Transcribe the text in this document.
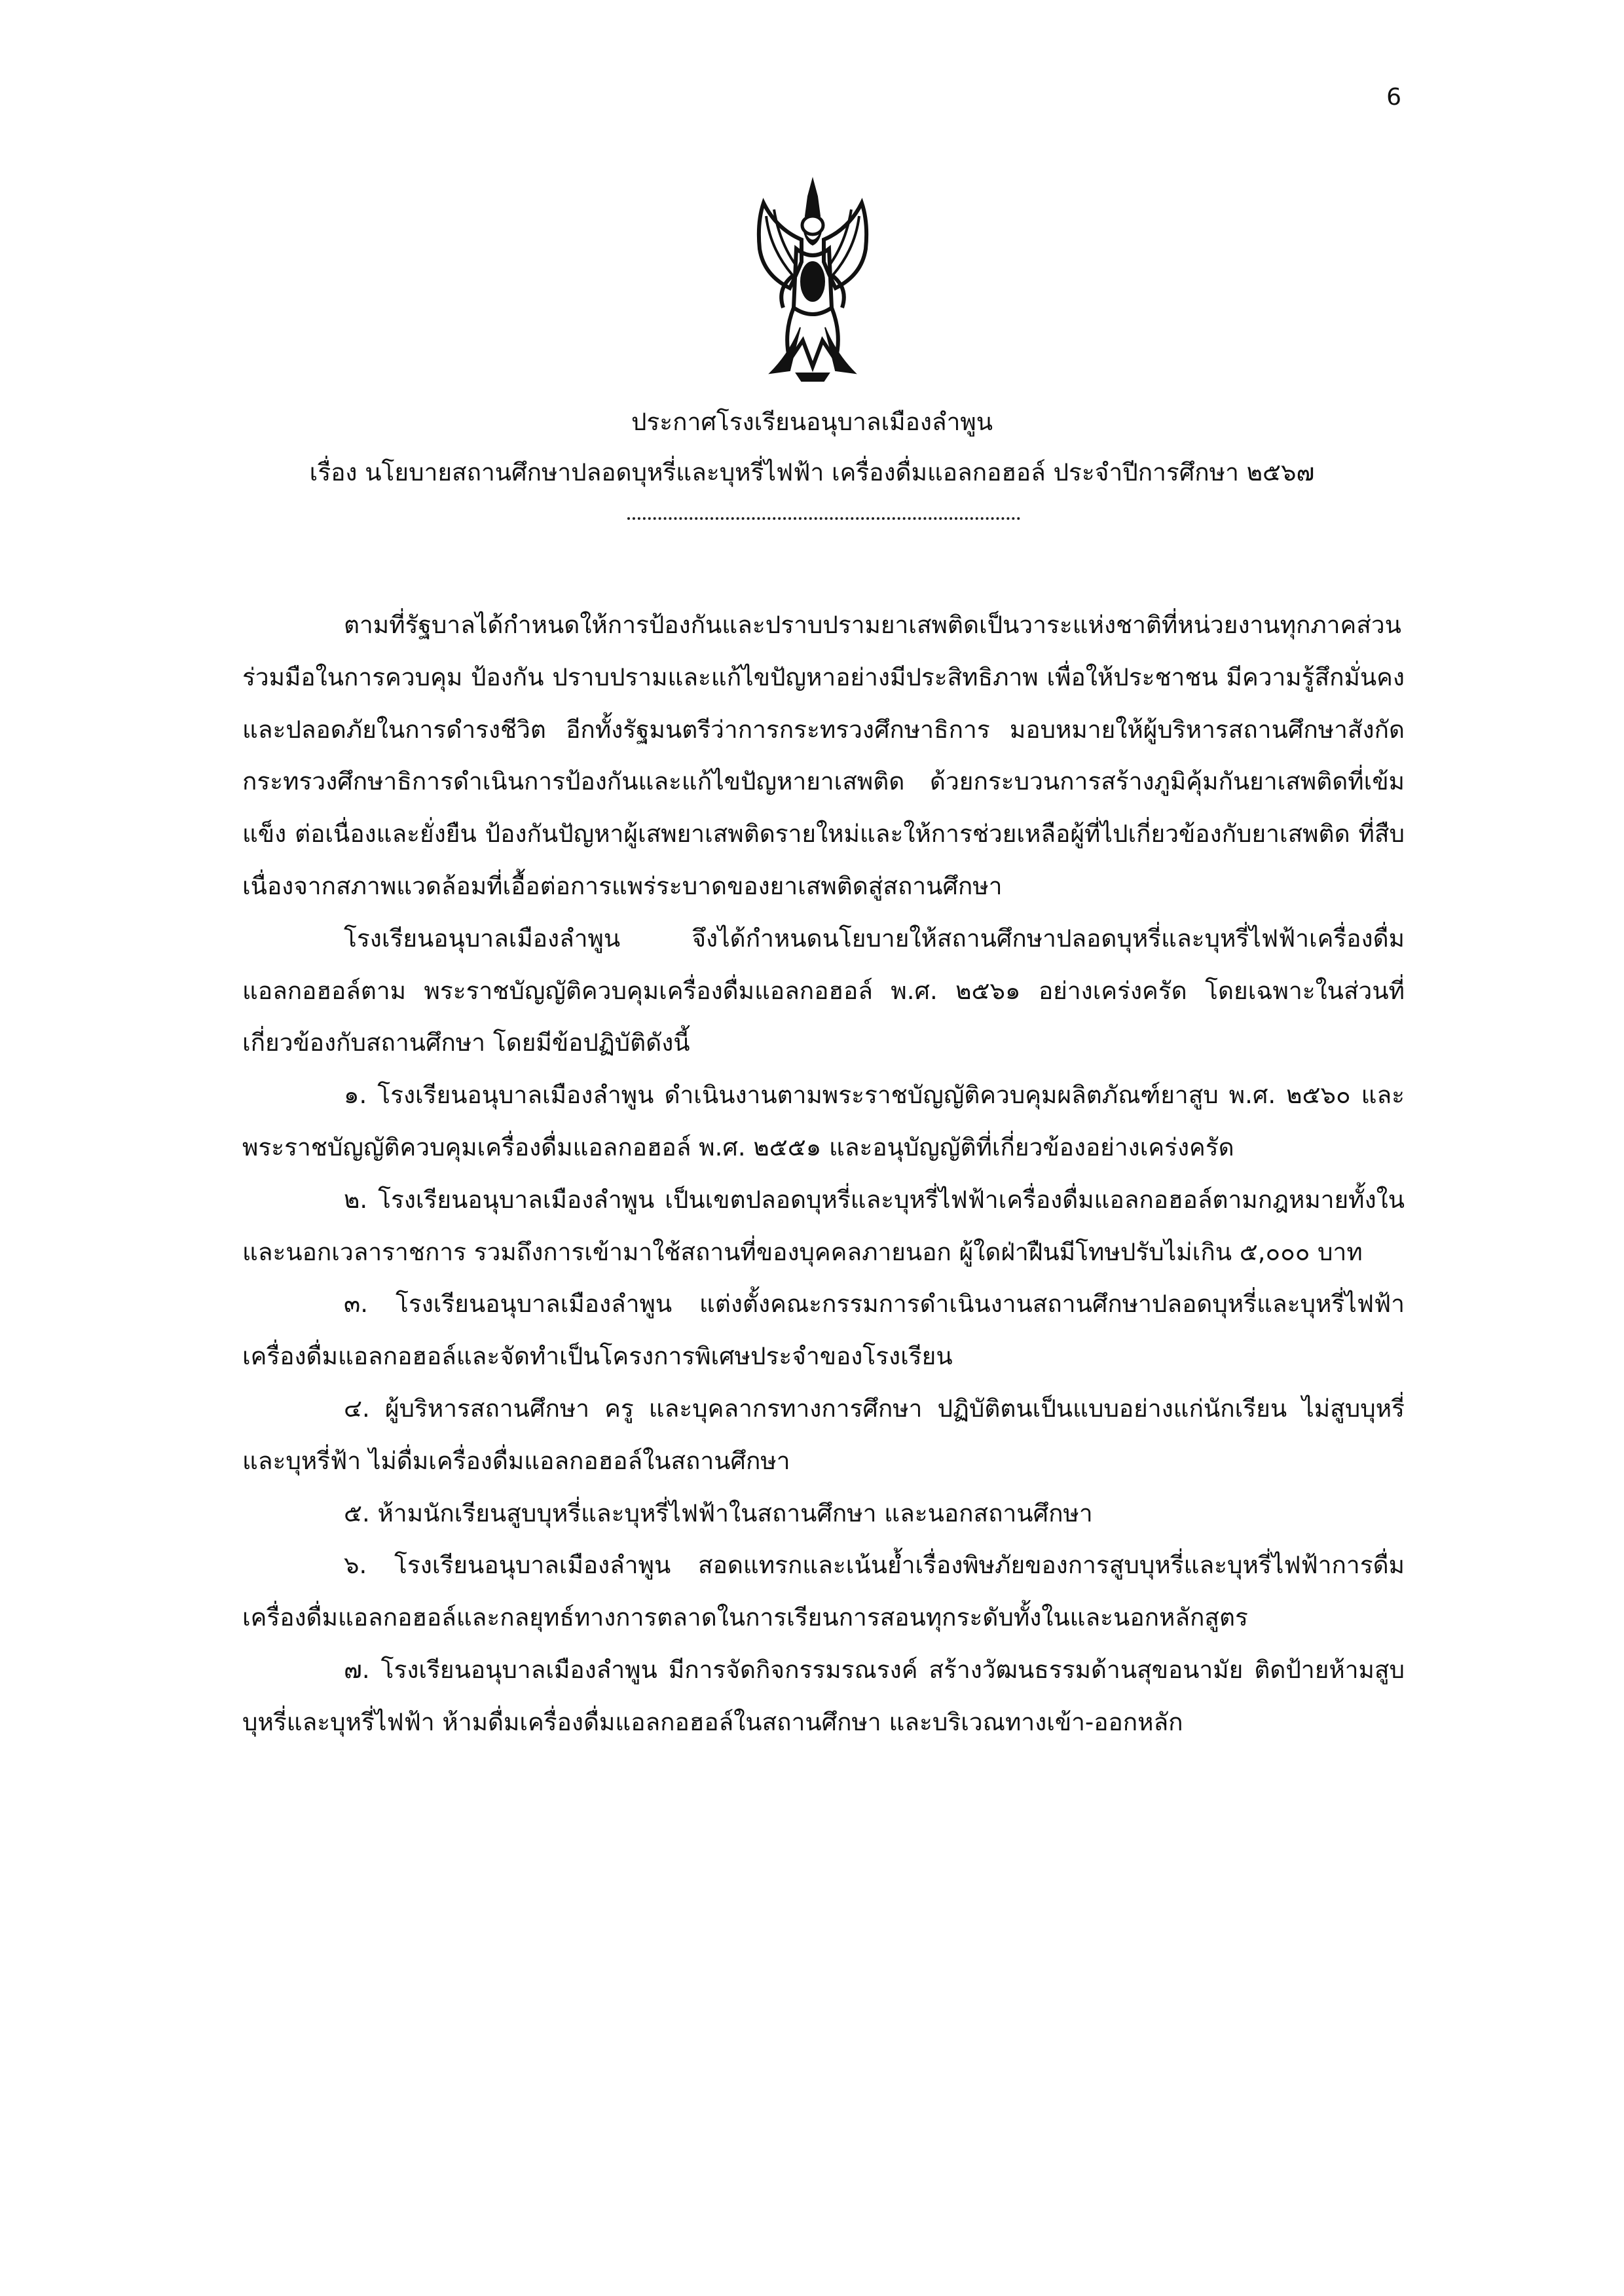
6
ประกาศโรงเรียนอนุบาลเมืองลำพูน
เรื่อง นโยบายสถานศึกษาปลอดบุหรี่และบุหรี่ไฟฟ้า เครื่องดื่มแอลกอฮอล์ ประจำปีการศึกษา ๒๕๖๗

ตามที่รัฐบาลได้กำหนดให้การป้องกันและปราบปรามยาเสพติดเป็นวาระแห่งชาติที่หน่วยงานทุกภาคส่วน ร่วมมือในการควบคุม ป้องกัน ปราบปรามและแก้ไขปัญหาอย่างมีประสิทธิภาพ เพื่อให้ประชาชน มีความรู้สึกมั่นคง และปลอดภัยในการดำรงชีวิต อีกทั้งรัฐมนตรีว่าการกระทรวงศึกษาธิการ มอบหมายให้ผู้บริหารสถานศึกษาสังกัด กระทรวงศึกษาธิการดำเนินการป้องกันและแก้ไขปัญหายาเสพติด ด้วยกระบวนการสร้างภูมิคุ้มกันยาเสพติดที่เข้มแข็ง ต่อเนื่องและยั่งยืน ป้องกันปัญหาผู้เสพยาเสพติดรายใหม่และให้การช่วยเหลือผู้ที่ไปเกี่ยวข้องกับยาเสพติด ที่สืบ เนื่องจากสภาพแวดล้อมที่เอื้อต่อการแพร่ระบาดของยาเสพติดสู่สถานศึกษา

โรงเรียนอนุบาลเมืองลำพูน จึงได้กำหนดนโยบายให้สถานศึกษาปลอดบุหรี่และบุหรี่ไฟฟ้าเครื่องดื่มแอลกอฮอล์ตาม พระราชบัญญัติควบคุมเครื่องดื่มแอลกอฮอล์ พ.ศ. ๒๕๖๑ อย่างเคร่งครัด โดยเฉพาะในส่วนที่เกี่ยวข้องกับสถานศึกษา โดยมีข้อปฏิบัติดังนี้

๑. โรงเรียนอนุบาลเมืองลำพูน ดำเนินงานตามพระราชบัญญัติควบคุมผลิตภัณฑ์ยาสูบ พ.ศ. ๒๕๖๐ และ พระราชบัญญัติควบคุมเครื่องดื่มแอลกอฮอล์ พ.ศ. ๒๕๕๑ และอนุบัญญัติที่เกี่ยวข้องอย่างเคร่งครัด

๒. โรงเรียนอนุบาลเมืองลำพูน เป็นเขตปลอดบุหรี่และบุหรี่ไฟฟ้าเครื่องดื่มแอลกอฮอล์ตามกฎหมายทั้งในและนอกเวลาราชการ รวมถึงการเข้ามาใช้สถานที่ของบุคคลภายนอก ผู้ใดฝ่าฝืนมีโทษปรับไม่เกิน ๕,๐๐๐ บาท

๓. โรงเรียนอนุบาลเมืองลำพูน แต่งตั้งคณะกรรมการดำเนินงานสถานศึกษาปลอดบุหรี่และบุหรี่ไฟฟ้าเครื่องดื่มแอลกอฮอล์และจัดทำเป็นโครงการพิเศษประจำของโรงเรียน

๔. ผู้บริหารสถานศึกษา ครู และบุคลากรทางการศึกษา ปฏิบัติตนเป็นแบบอย่างแก่นักเรียน ไม่สูบบุหรี่และบุหรี่ฟ้า ไม่ดื่มเครื่องดื่มแอลกอฮอล์ในสถานศึกษา

๕. ห้ามนักเรียนสูบบุหรี่และบุหรี่ไฟฟ้าในสถานศึกษา และนอกสถานศึกษา

๖. โรงเรียนอนุบาลเมืองลำพูน สอดแทรกและเน้นย้ำเรื่องพิษภัยของการสูบบุหรี่และบุหรี่ไฟฟ้าการดื่มเครื่องดื่มแอลกอฮอล์และกลยุทธ์ทางการตลาดในการเรียนการสอนทุกระดับทั้งในและนอกหลักสูตร

๗. โรงเรียนอนุบาลเมืองลำพูน มีการจัดกิจกรรมรณรงค์ สร้างวัฒนธรรมด้านสุขอนามัย ติดป้ายห้ามสูบบุหรี่และบุหรี่ไฟฟ้า ห้ามดื่มเครื่องดื่มแอลกอฮอล์ในสถานศึกษา และบริเวณทางเข้า-ออกหลัก
